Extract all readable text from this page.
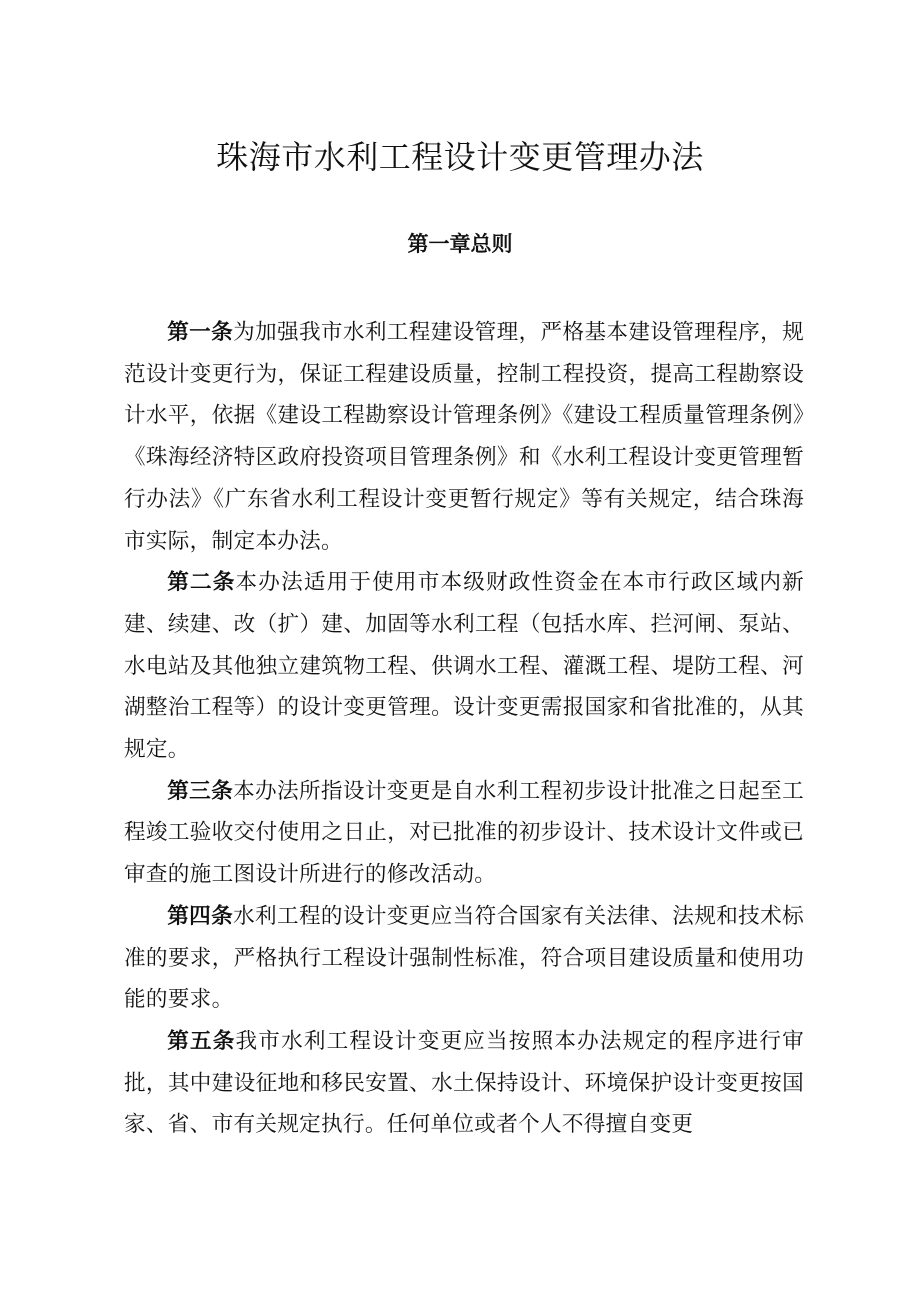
珠海市水利工程设计变更管理办法
第一章总则

第一条为加强我市水利工程建设管理，严格基本建设管理程序，规范设计变更行为，保证工程建设质量，控制工程投资，提高工程勘察设计水平，依据《建设工程勘察设计管理条例》《建设工程质量管理条例》《珠海经济特区政府投资项目管理条例》和《水利工程设计变更管理暂行办法》《广东省水利工程设计变更暂行规定》等有关规定，结合珠海市实际，制定本办法。

第二条本办法适用于使用市本级财政性资金在本市行政区域内新建、续建、改（扩）建、加固等水利工程（包括水库、拦河闸、泵站、水电站及其他独立建筑物工程、供调水工程、灌溉工程、堤防工程、河湖整治工程等）的设计变更管理。设计变更需报国家和省批准的，从其规定。

第三条本办法所指设计变更是自水利工程初步设计批准之日起至工程竣工验收交付使用之日止，对已批准的初步设计、技术设计文件或已审查的施工图设计所进行的修改活动。

第四条水利工程的设计变更应当符合国家有关法律、法规和技术标准的要求，严格执行工程设计强制性标准，符合项目建设质量和使用功能的要求。

第五条我市水利工程设计变更应当按照本办法规定的程序进行审批，其中建设征地和移民安置、水土保持设计、环境保护设计变更按国家、省、市有关规定执行。任何单位或者个人不得擅自变更
